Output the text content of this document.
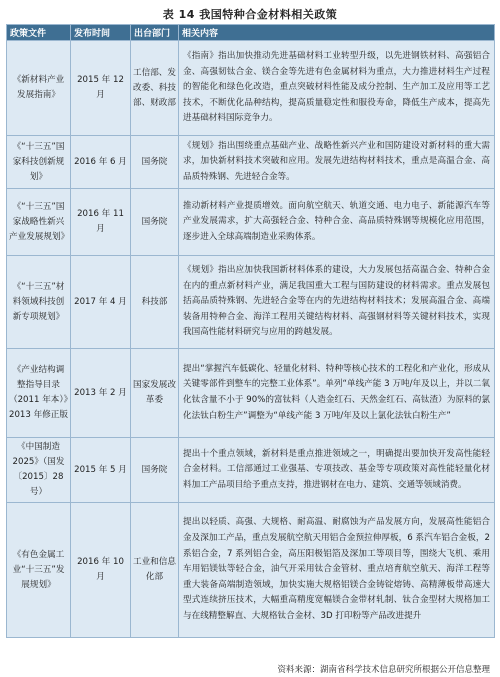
表 14 我国特种合金材料相关政策
政策文件	发布时间	出台部门	相关内容
《新材料产业发展指南》	2015 年 12 月	工信部、发改委、科技部、财政部	《指南》指出加快推动先进基础材料工业转型升级，以先进钢铁材料、高强铝合金、高强韧钛合金、镁合金等先进有色金属材料为重点，大力推进材料生产过程的智能化和绿色化改造，重点突破材料性能及成分控制、生产加工及应用等工艺技术，不断优化品种结构，提高质量稳定性和服役寿命，降低生产成本，提高先进基础材料国际竞争力。
《“十三五”国家科技创新规划》	2016 年 6 月	国务院	《规划》指出围绕重点基础产业、战略性新兴产业和国防建设对新材料的重大需求，加快新材料技术突破和应用。发展先进结构材料技术，重点是高温合金、高品质特殊钢、先进轻合金等。
《“十三五”国家战略性新兴产业发展规划》	2016 年 11 月	国务院	推动新材料产业提质增效。面向航空航天、轨道交通、电力电子、新能源汽车等产业发展需求，扩大高强轻合金、特种合金、高品质特殊钢等规模化应用范围，逐步进入全球高端制造业采购体系。
《“十三五”材料领域科技创新专项规划》	2017 年 4 月	科技部	《规划》指出应加快我国新材料体系的建设，大力发展包括高温合金、特种合金在内的重点新材料产业，满足我国重大工程与国防建设的材料需求。重点发展包括高品质特殊钢、先进轻合金等在内的先进结构材料技术；发展高温合金、高端装备用特种合金、海洋工程用关键结构材料、高强钢材料等关键材料技术，实现我国高性能材料研究与应用的跨越发展。
《产业结构调整指导目录（2011 年本）》2013 年修正版	2013 年 2 月	国家发展改革委	提出“掌握汽车低碳化、轻量化材料、特种等核心技术的工程化和产业化，形成从关键零部件到整车的完整工业体系”。单列“单线产能 3 万吨/年及以上，并以二氧化钛含量不小于 90%的富钛料（人造金红石、天然金红石、高钛渣）为原料的氯化法钛白粉生产”调整为“单线产能 3 万吨/年及以上氯化法钛白粉生产”
《中国制造 2025》（国发〔2015〕28 号）	2015 年 5 月	国务院	提出十个重点领域，新材料是重点推进领域之一，明确提出要加快开发高性能轻合金材料。工信部通过工业强基、专项技改、基金等专项政策对高性能轻量化材料加工产品项目给予重点支持，推进钢材在电力、建筑、交通等领域消费。
《有色金属工业“十三五”发展规划》	2016 年 10 月	工业和信息化部	提出以轻质、高强、大规格、耐高温、耐腐蚀为产品发展方向，发展高性能铝合金及深加工产品，重点发展航空航天用铝合金预拉伸厚板，6 系汽车铝合金板，2 系铝合金，7 系列铝合金，高压阳极铝箔及深加工等项目等，围绕大飞机、乘用车用铝镁钛等轻合金，油气开采用钛合金管材、重点培育航空航天、海洋工程等重大装备高端制造领域，加快实施大规格铝镁合金铸锭熔铸、高精薄板带高速大型式连续挤压技术，大幅重高精度宽幅镁合金带材轧制、钛合金型材大规格加工与在线精整解直、大规格钛合金材、3D 打印粉等产品改进提升
资料来源：湖南省科学技术信息研究所根据公开信息整理
